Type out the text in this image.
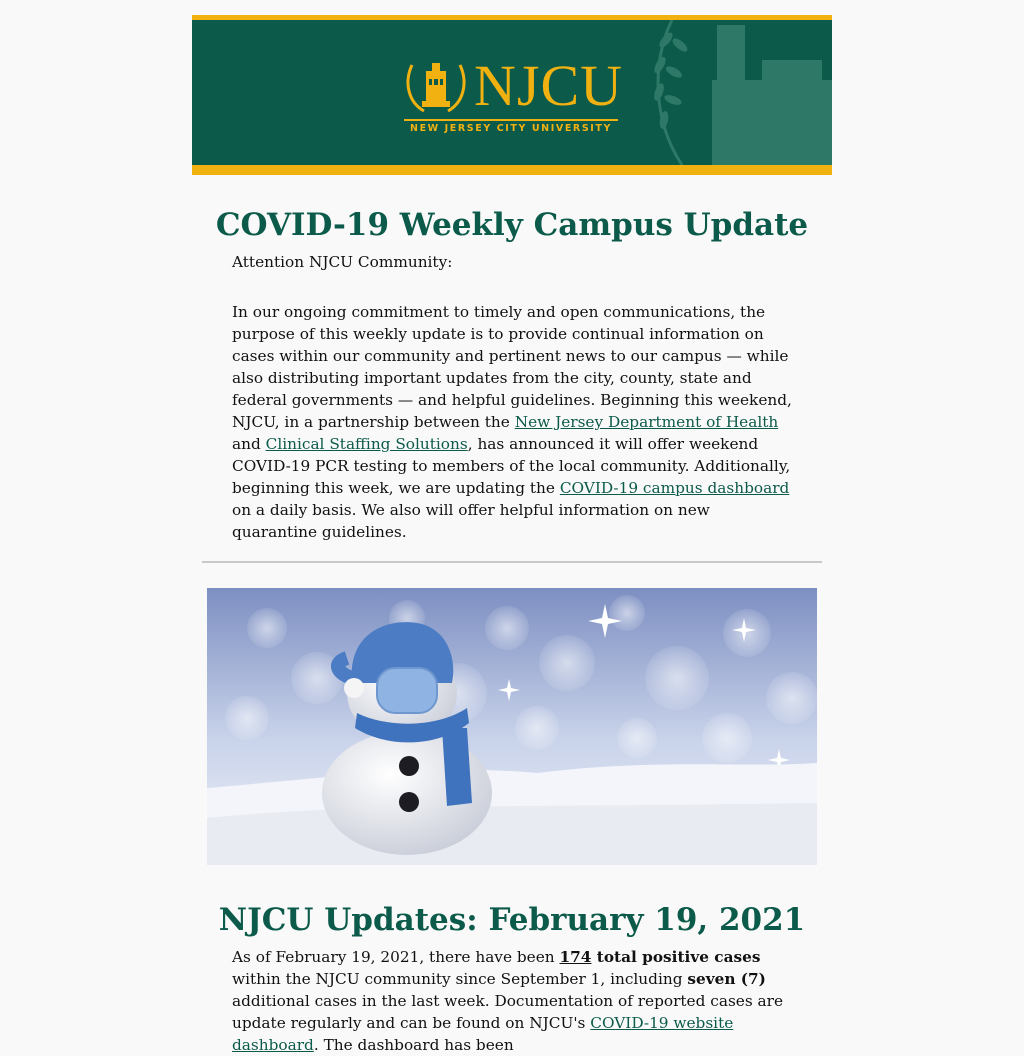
NJCU
NEW JERSEY CITY UNIVERSITY
COVID-19 Weekly Campus Update
Attention NJCU Community:
In our ongoing commitment to timely and open communications, the purpose of this weekly update is to provide continual information on cases within our community and pertinent news to our campus — while also distributing important updates from the city, county, state and federal governments — and helpful guidelines. Beginning this weekend, NJCU, in a partnership between the New Jersey Department of Health and Clinical Staffing Solutions, has announced it will offer weekend COVID-19 PCR testing to members of the local community. Additionally, beginning this week, we are updating the COVID-19 campus dashboard on a daily basis. We also will offer helpful information on new quarantine guidelines.
NJCU Updates: February 19, 2021
As of February 19, 2021, there have been 174 total positive cases within the NJCU community since September 1, including seven (7) additional cases in the last week. Documentation of reported cases are update regularly and can be found on NJCU's COVID-19 website dashboard. The dashboard has been
